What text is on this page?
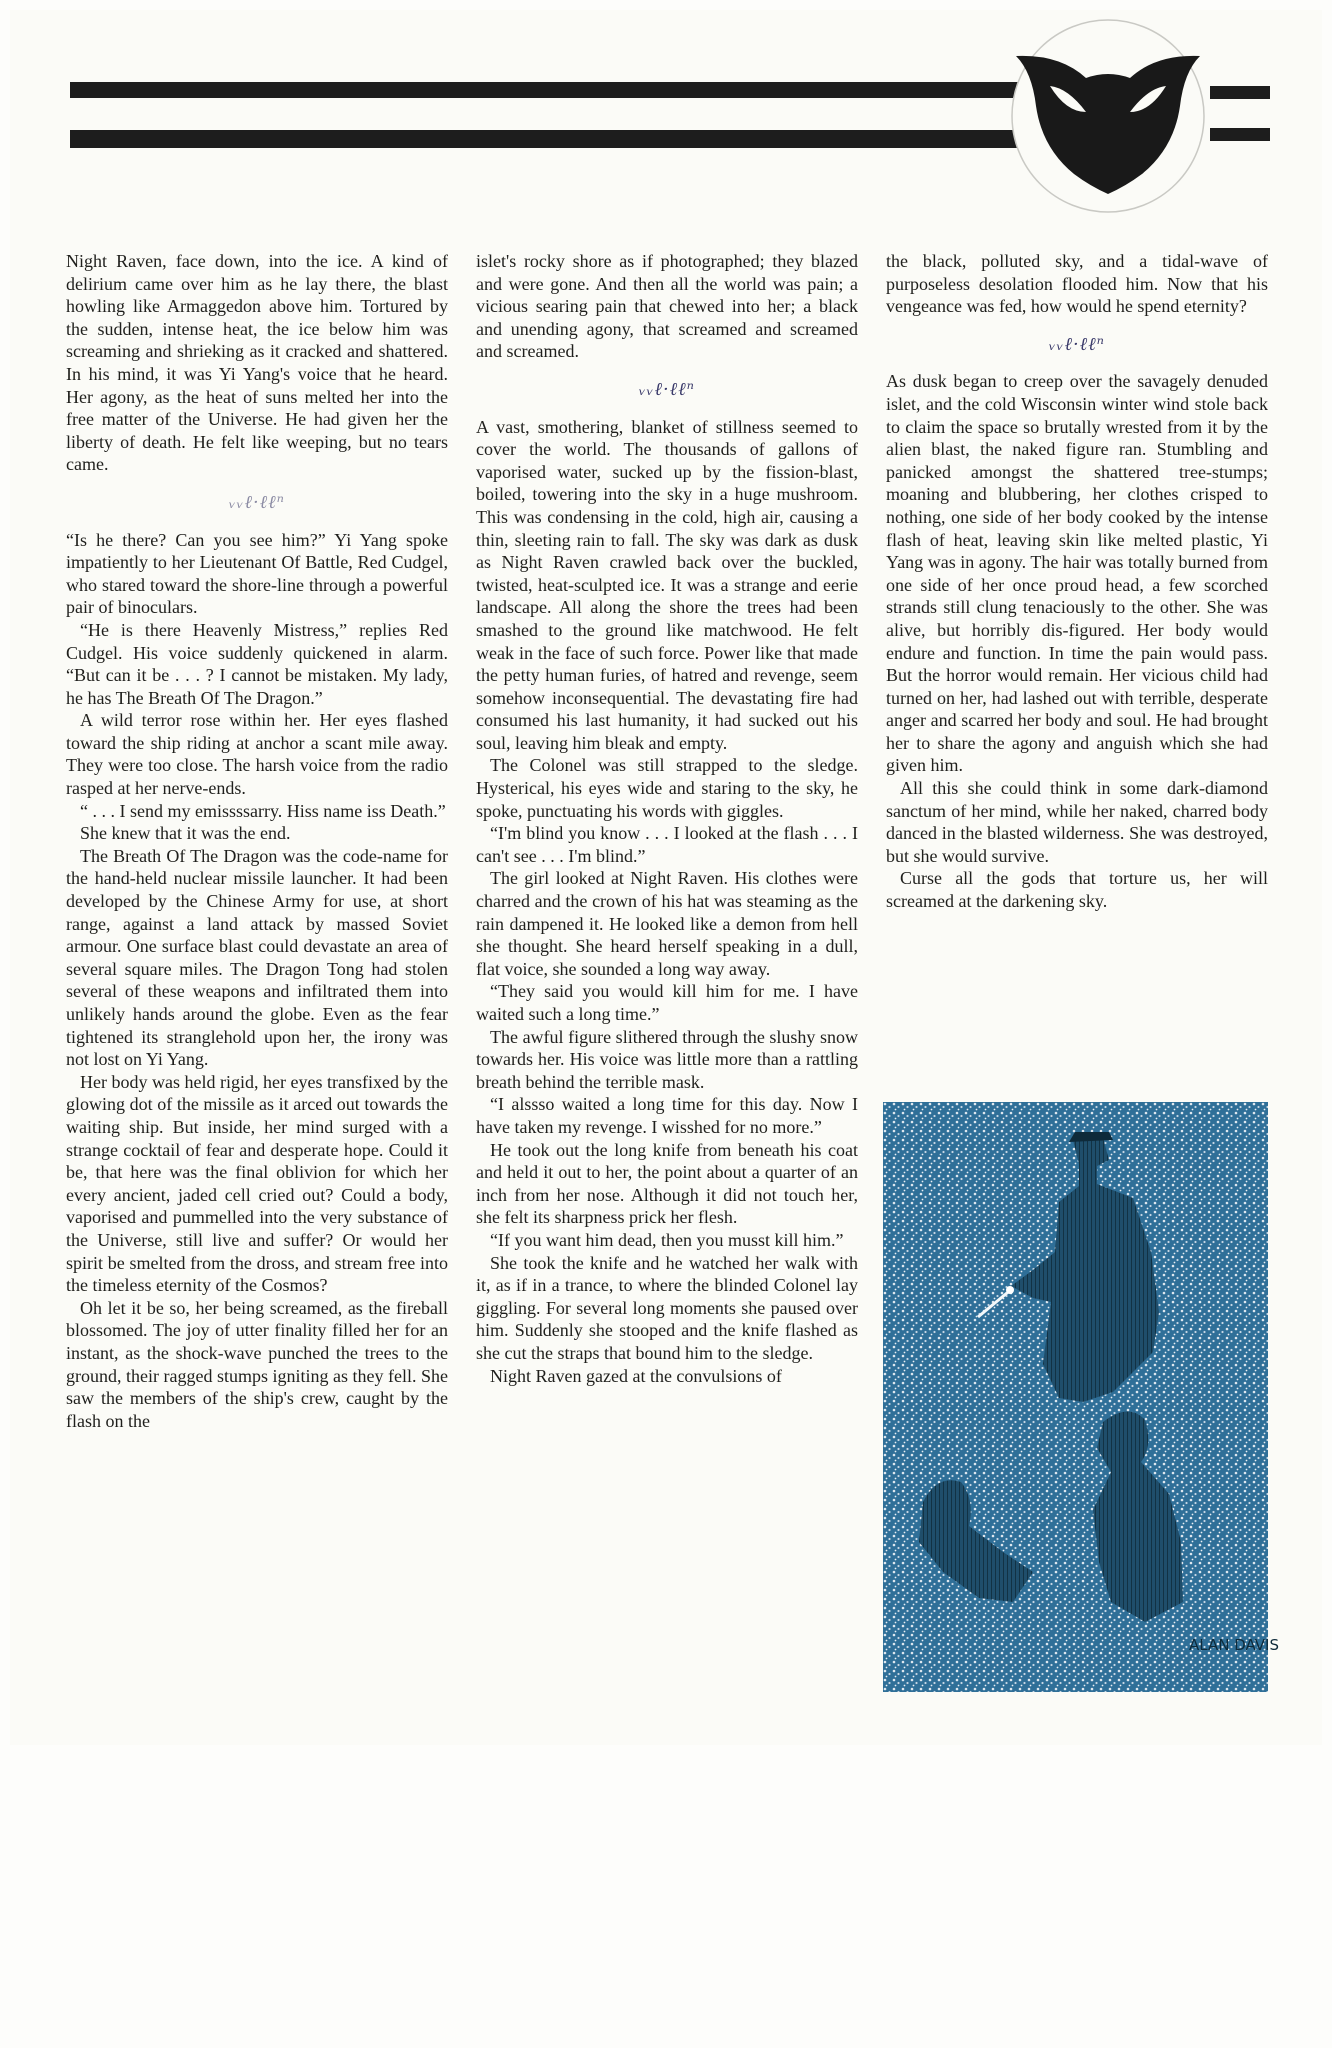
Night Raven, face down, into the ice. A kind of delirium came over him as he lay there, the blast howling like Armaggedon above him. Tortured by the sudden, intense heat, the ice below him was screaming and shrieking as it cracked and shattered. In his mind, it was Yi Yang's voice that he heard. Her agony, as the heat of suns melted her into the free matter of the Universe. He had given her the liberty of death. He felt like weeping, but no tears came.

ᵥᵥℓ·ℓℓⁿ

“Is he there? Can you see him?” Yi Yang spoke impatiently to her Lieutenant Of Battle, Red Cudgel, who stared toward the shore-line through a powerful pair of binoculars.

“He is there Heavenly Mistress,” replies Red Cudgel. His voice suddenly quickened in alarm. “But can it be . . . ? I cannot be mistaken. My lady, he has The Breath Of The Dragon.”

A wild terror rose within her. Her eyes flashed toward the ship riding at anchor a scant mile away. They were too close. The harsh voice from the radio rasped at her nerve-ends.

“ . . . I send my emissssarry. Hiss name iss Death.”

She knew that it was the end.

The Breath Of The Dragon was the code-name for the hand-held nuclear missile launcher. It had been developed by the Chinese Army for use, at short range, against a land attack by massed Soviet armour. One surface blast could devastate an area of several square miles. The Dragon Tong had stolen several of these weapons and infiltrated them into unlikely hands around the globe. Even as the fear tightened its stranglehold upon her, the irony was not lost on Yi Yang.

Her body was held rigid, her eyes transfixed by the glowing dot of the missile as it arced out towards the waiting ship. But inside, her mind surged with a strange cocktail of fear and desperate hope. Could it be, that here was the final oblivion for which her every ancient, jaded cell cried out? Could a body, vaporised and pummelled into the very substance of the Universe, still live and suffer? Or would her spirit be smelted from the dross, and stream free into the timeless eternity of the Cosmos?

Oh let it be so, her being screamed, as the fireball blossomed. The joy of utter finality filled her for an instant, as the shock-wave punched the trees to the ground, their ragged stumps igniting as they fell. She saw the members of the ship's crew, caught by the flash on the

islet's rocky shore as if photographed; they blazed and were gone. And then all the world was pain; a vicious searing pain that chewed into her; a black and unending agony, that screamed and screamed and screamed.

ᵥᵥℓ·ℓℓⁿ

A vast, smothering, blanket of stillness seemed to cover the world. The thousands of gallons of vaporised water, sucked up by the fission-blast, boiled, towering into the sky in a huge mushroom. This was condensing in the cold, high air, causing a thin, sleeting rain to fall. The sky was dark as dusk as Night Raven crawled back over the buckled, twisted, heat-sculpted ice. It was a strange and eerie landscape. All along the shore the trees had been smashed to the ground like matchwood. He felt weak in the face of such force. Power like that made the petty human furies, of hatred and revenge, seem somehow inconsequential. The devastating fire had consumed his last humanity, it had sucked out his soul, leaving him bleak and empty.

The Colonel was still strapped to the sledge. Hysterical, his eyes wide and staring to the sky, he spoke, punctuating his words with giggles.

“I'm blind you know . . . I looked at the flash . . . I can't see . . . I'm blind.”

The girl looked at Night Raven. His clothes were charred and the crown of his hat was steaming as the rain dampened it. He looked like a demon from hell she thought. She heard herself speaking in a dull, flat voice, she sounded a long way away.

“They said you would kill him for me. I have waited such a long time.”

The awful figure slithered through the slushy snow towards her. His voice was little more than a rattling breath behind the terrible mask.

“I alssso waited a long time for this day. Now I have taken my revenge. I wisshed for no more.”

He took out the long knife from beneath his coat and held it out to her, the point about a quarter of an inch from her nose. Although it did not touch her, she felt its sharpness prick her flesh.

“If you want him dead, then you musst kill him.”

She took the knife and he watched her walk with it, as if in a trance, to where the blinded Colonel lay giggling. For several long moments she paused over him. Suddenly she stooped and the knife flashed as she cut the straps that bound him to the sledge.

Night Raven gazed at the convulsions of

the black, polluted sky, and a tidal-wave of purposeless desolation flooded him. Now that his vengeance was fed, how would he spend eternity?

ᵥᵥℓ·ℓℓⁿ

As dusk began to creep over the savagely denuded islet, and the cold Wisconsin winter wind stole back to claim the space so brutally wrested from it by the alien blast, the naked figure ran. Stumbling and panicked amongst the shattered tree-stumps; moaning and blubbering, her clothes crisped to nothing, one side of her body cooked by the intense flash of heat, leaving skin like melted plastic, Yi Yang was in agony. The hair was totally burned from one side of her once proud head, a few scorched strands still clung tenaciously to the other. She was alive, but horribly dis-figured. Her body would endure and function. In time the pain would pass. But the horror would remain. Her vicious child had turned on her, had lashed out with terrible, desperate anger and scarred her body and soul. He had brought her to share the agony and anguish which she had given him.

All this she could think in some dark-diamond sanctum of her mind, while her naked, charred body danced in the blasted wilderness. She was destroyed, but she would survive.

Curse all the gods that torture us, her will screamed at the darkening sky.

ALAN DAVIS
